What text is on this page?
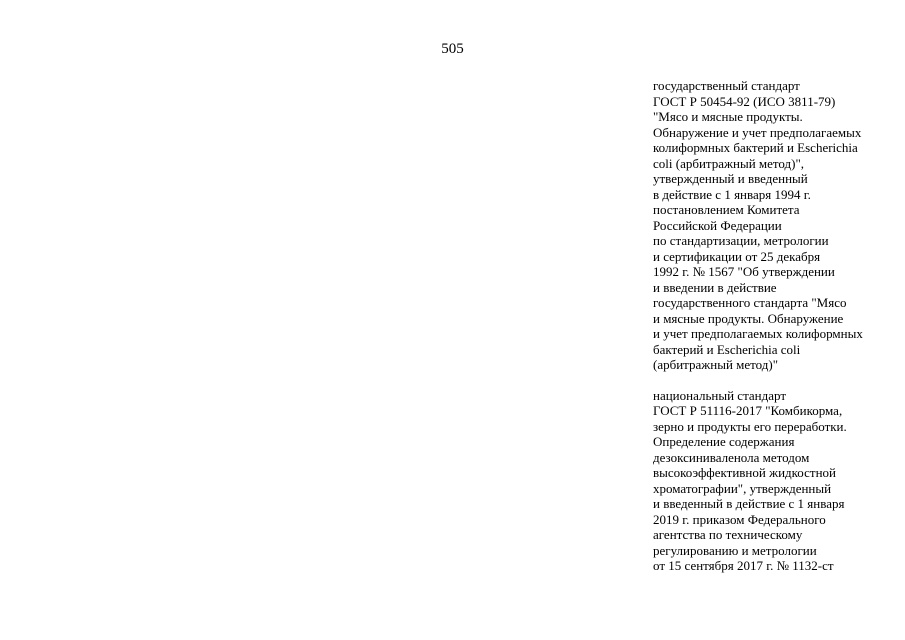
505

государственный стандарт
ГОСТ Р 50454-92 (ИСО 3811-79)
"Мясо и мясные продукты.
Обнаружение и учет предполагаемых
колиформных бактерий и Escherichia
coli (арбитражный метод)",
утвержденный и введенный
в действие с 1 января 1994 г.
постановлением Комитета
Российской Федерации
по стандартизации, метрологии
и сертификации от 25 декабря
1992 г. № 1567 "Об утверждении
и введении в действие
государственного стандарта "Мясо
и мясные продукты. Обнаружение
и учет предполагаемых колиформных
бактерий и Escherichia coli
(арбитражный метод)"

национальный стандарт
ГОСТ Р 51116-2017 "Комбикорма,
зерно и продукты его переработки.
Определение содержания
дезоксиниваленола методом
высокоэффективной жидкостной
хроматографии", утвержденный
и введенный в действие с 1 января
2019 г. приказом Федерального
агентства по техническому
регулированию и метрологии
от 15 сентября 2017 г. № 1132-ст
